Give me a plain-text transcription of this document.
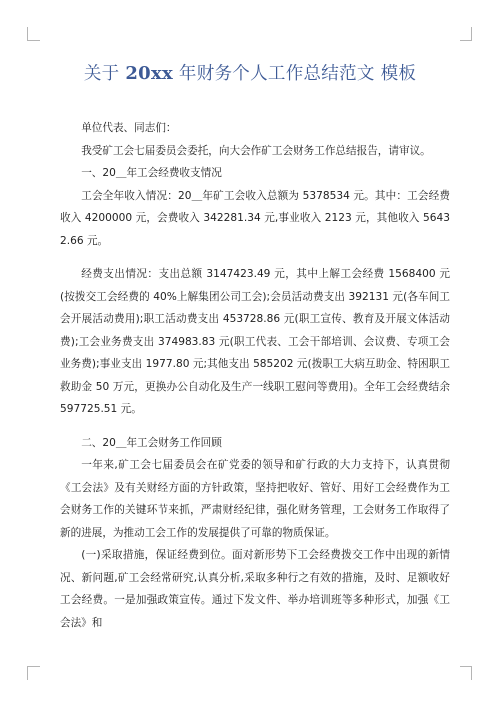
关于 20xx 年财务个人工作总结范文 模板

单位代表、同志们：

我受矿工会七届委员会委托，向大会作矿工会财务工作总结报告，请审议。

一、20＿年工会经费收支情况

工会全年收入情况：20＿年矿工会收入总额为 5378534 元。其中：工会经费收入 4200000 元，会费收入 342281.34 元,事业收入 2123 元，其他收入 56432.66 元。

经费支出情况：支出总额 3147423.49 元，其中上解工会经费 1568400 元(按拨交工会经费的 40%上解集团公司工会);会员活动费支出 392131 元(各车间工会开展活动费用);职工活动费支出 453728.86 元(职工宣传、教育及开展文体活动费);工会业务费支出 374983.83 元(职工代表、工会干部培训、会议费、专项工会业务费);事业支出 1977.80 元;其他支出 585202 元(拨职工大病互助金、特困职工救助金 50 万元，更换办公自动化及生产一线职工慰问等费用)。全年工会经费结余 597725.51 元。

二、20＿年工会财务工作回顾

一年来,矿工会七届委员会在矿党委的领导和矿行政的大力支持下，认真贯彻《工会法》及有关财经方面的方针政策，坚持把收好、管好、用好工会经费作为工会财务工作的关键环节来抓，严肃财经纪律，强化财务管理，工会财务工作取得了新的进展，为推动工会工作的发展提供了可靠的物质保证。

(一)采取措施，保证经费到位。面对新形势下工会经费拨交工作中出现的新情况、新问题,矿工会经常研究,认真分析,采取多种行之有效的措施，及时、足额收好工会经费。一是加强政策宣传。通过下发文件、举办培训班等多种形式，加强《工会法》和
